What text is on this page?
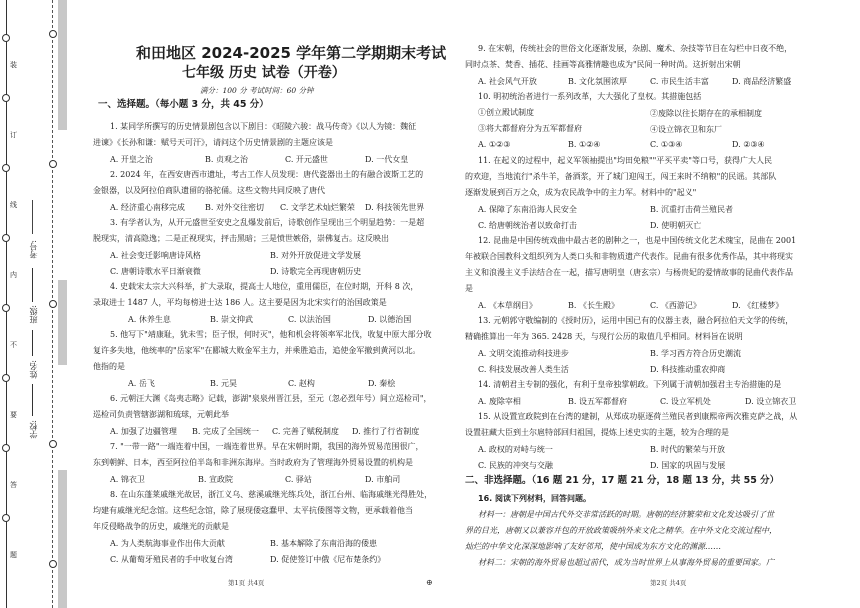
装
订
线
内
不
要
答
题
考号:
班级:
姓名:
学校:
和田地区 2024-2025 学年第二学期期末考试
七年级 历史 试卷（开卷）
满分：100 分 考试时间：60 分钟
一、选择题。（每小题 3 分，共 45 分）
1. 某同学所撰写的历史情景剧包含以下剧目：《昭陵六骏：战马传奇》《以人为镜：魏征
进谏》《长孙和谦：赋号天可汗》，请问这个历史情景剧的主题应该是
A. 开皇之治	B. 贞观之治	C. 开元盛世	D. 一代女皇
2. 2024 年，在西安唐西市遗址，考古工作人员发现：唐代瓷器出土的有融合波斯工艺的
金银器，以及阿拉伯商队遗留的骆驼俑。这些文物共同反映了唐代
A. 经济重心南移完成	B. 对外交往密切 C. 文学艺术灿烂繁荣 D. 科技领先世界
3. 有学者认为，从开元盛世至安史之乱爆发前后，诗歌创作呈现出三个明显趋势：一是超
脱现实，清高隐逸；二是正视现实，抨击黑暗；三是愤世嫉俗，崇佛复古。这反映出
A. 社会变迁影响唐诗风格	B. 对外开放促进文学发展
C. 唐朝诗歌水平日渐衰微	D. 诗歌完全再现唐朝历史
4. 史载宋太宗大兴科举，扩大录取，提高士人地位，重用儒臣，在位时期，开科 8 次，
录取进士 1487 人，平均每榜进士达 186 人。这主要是因为北宋实行的治国政策是
A. 休养生息	B. 崇文抑武	C. 以法治国	D. 以德治国
5. 他写下"靖康耻，犹未雪；臣子恨，何时灭"，他和机会将领率军北伐，收复中原大部分收
复许多失地，他统率的"岳家军"在郾城大败金军主力，并乘胜追击，追使金军撤到黄河以北。
他指的是
A. 岳飞	B. 元昊	C. 赵构	D. 秦桧
6. 元朝汪大渊《岛夷志略》记载，澎湖"泉泉州晋江县，至元（忽必烈年号）间立巡检司"，
巡检司负责管辖澎湖和琉球，元朝此举
A. 加强了边疆管理 B. 完成了全国统一 C. 完善了赋税制度 D. 推行了行省制度
7. "一带一路"一端连着中国，一端连着世界。早在宋朝时期，我国的海外贸易范围很广，
东到朝鲜、日本，西至阿拉伯半岛和非洲东海岸。当时政府为了管理海外贸易设置的机构是
A. 锦衣卫	B. 宣政院	C. 驿站	D. 市舶司
8. 在山东蓬莱戚继光故居，浙江义乌、慈溪戚继光练兵处，浙江台州、临海戚继光得胜处，
均建有戚继光纪念馆。这些纪念馆，除了展现倭寇蠢甲、太平抗倭图等文物，更承载着他当
年反侵略战争的历史，戚继光的贡献是
A. 为人类航海事业作出伟大贡献	B. 基本解除了东南沿海的倭患
C. 从葡萄牙殖民者的手中收复台湾	D. 促使签订中俄《尼布楚条约》
第1页 共4页	⊕
9. 在宋朝，传统社会的世俗文化逐渐发展，杂剧、魔术、杂技等节目在勾栏中日夜不绝，
同时点茶、焚香、插花、挂画等高雅情趣也成为"民间一种时尚。这折射出宋朝
A. 社会风气开放	B. 文化氛围浓厚	C. 市民生活丰富	D. 商品经济繁盛
10. 明初统治者进行一系列改革，大大强化了皇权。其措施包括
①创立殿试制度	②废除以往长期存在的承相制度
③将大都督府分为五军都督府	④设立锦衣卫和东厂
A. ①②③	B. ①②④	C. ①③④	D. ②③④
11. 在起义的过程中，起义军领袖提出"均田免粮""平买平卖"等口号，获得广大人民
的欢迎，当地流行"杀牛羊，备酒浆，开了城门迎闯王，闯王来时不纳粮"的民谣。其部队
逐渐发展到百万之众，成为农民战争中的主力军。材料中的"起义"
A. 保障了东南沿海人民安全	B. 沉重打击荷兰殖民者
C. 给唐朝统治者以致命打击	D. 使明朝灭亡
12. 昆曲是中国传统戏曲中最古老的剧种之一，也是中国传统文化艺术瑰宝，昆曲在 2001
年被联合国教科文组织列为人类口头和非物质遗产代表作。昆曲有很多优秀作品，其中将现实
主义和浪漫主义手法结合在一起，描写唐明皇（唐玄宗）与杨贵妃的爱情故事的昆曲代表作品
是
A. 《本草纲目》	B. 《长生殿》	C. 《西游记》	D. 《红楼梦》
13. 元朝郭守敬编制的《授时历》，运用中国已有的仪器主表，融合阿拉伯天文学的传统，
精确推算出一年为 365. 2428 天，与现行公历的取值几乎相同。材料旨在说明
A. 文明交流推动科技进步	B. 学习西方符合历史潮流
C. 科技发展改善人类生活	D. 科技推动重农抑商
14. 清朝君主专制的强化，有利于皇帝独掌朝政。下列属于清朝加强君主专治措施的是
A. 废除宰相	B. 设五军都督府	C. 设立军机处	D. 设立锦衣卫
15. 从设置宣政院到在台湾的建制，从郑成功驱逐荷兰殖民者到康熙帝两次雅克萨之战，从
设置驻藏大臣到土尔扈特部回归祖国，提炼上述史实的主题，较为合理的是
A. 政权的对峙与统一	B. 时代的繁荣与开放
C. 民族的冲突与交融	D. 国家的巩固与发展
二、非选择题。（16 题 21 分，17 题 21 分，18 题 13 分，共 55 分）
16. 阅读下列材料，回答问题。
材料一：唐朝是中国古代外交非常活跃的时期。唐朝的经济繁荣和文化发达吸引了世
界的目光，唐朝又以兼容并包的开放政策吸纳外来文化之精华。在中外文化交流过程中，
灿烂的中华文化深深地影响了友好邻邦，使中国成为东方文化的渊源……
材料二：宋朝的海外贸易也超过前代，成为当时世界上从事海外贸易的重要国家。广
第2页 共4页
